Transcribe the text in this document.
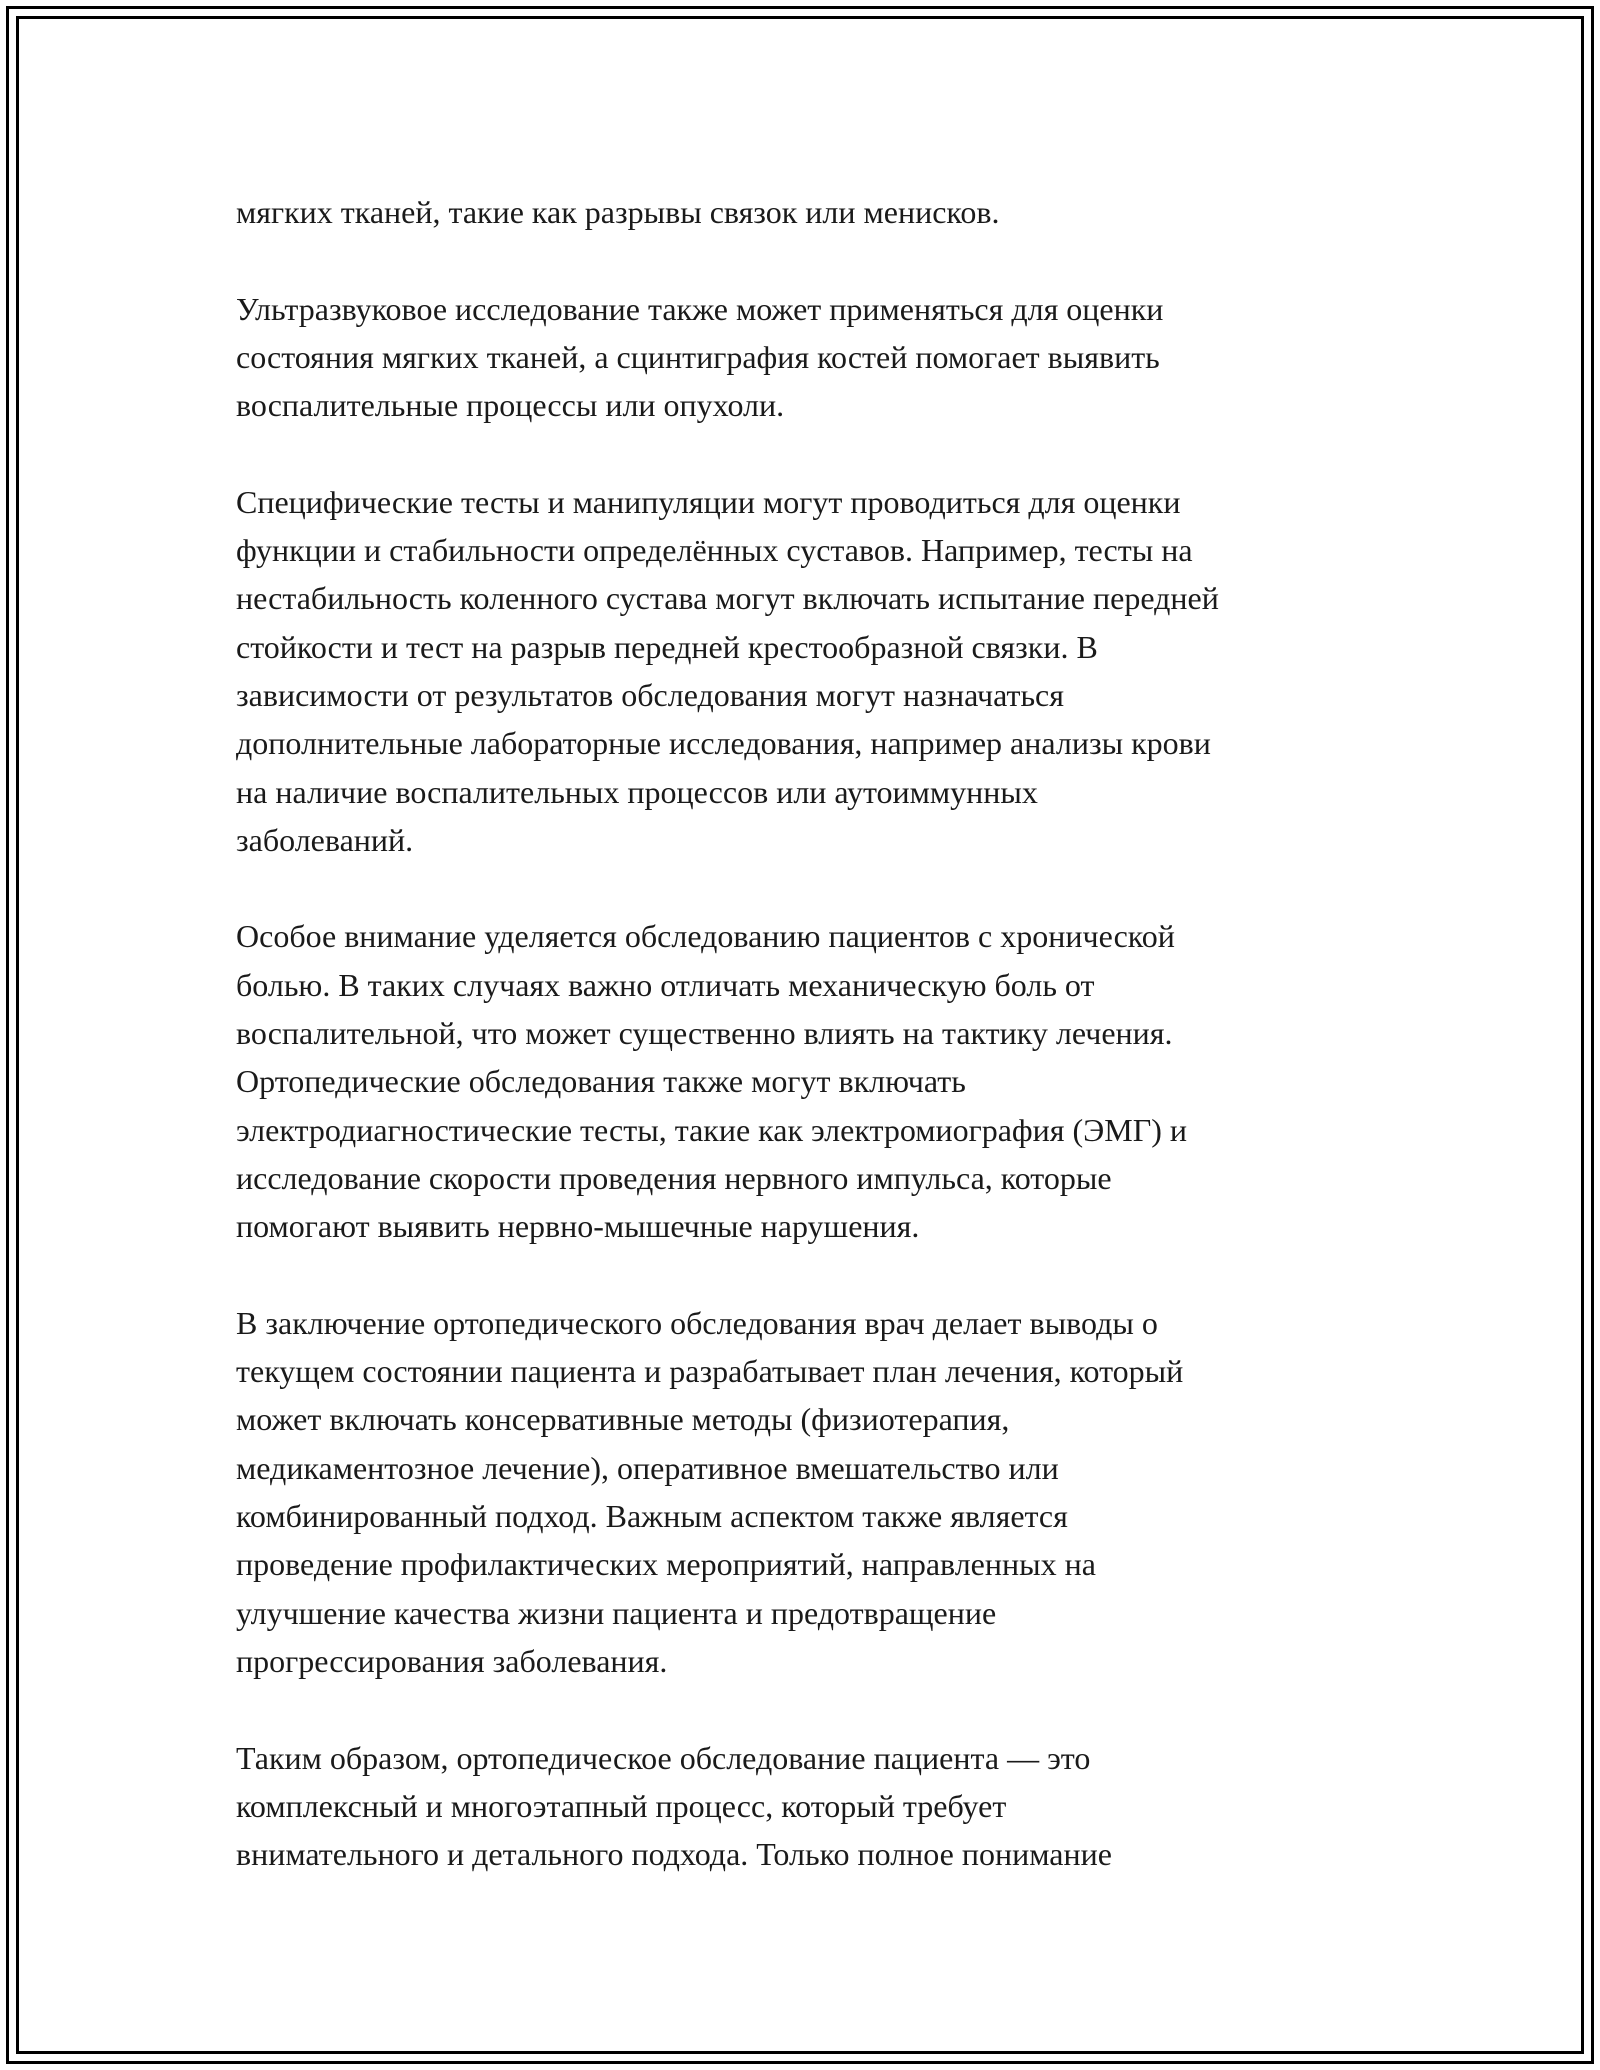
мягких тканей, такие как разрывы связок или менисков.

Ультразвуковое исследование также может применяться для оценки
состояния мягких тканей, а сцинтиграфия костей помогает выявить
воспалительные процессы или опухоли.

Специфические тесты и манипуляции могут проводиться для оценки
функции и стабильности определённых суставов. Например, тесты на
нестабильность коленного сустава могут включать испытание передней
стойкости и тест на разрыв передней крестообразной связки. В
зависимости от результатов обследования могут назначаться
дополнительные лабораторные исследования, например анализы крови
на наличие воспалительных процессов или аутоиммунных
заболеваний.

Особое внимание уделяется обследованию пациентов с хронической
болью. В таких случаях важно отличать механическую боль от
воспалительной, что может существенно влиять на тактику лечения.
Ортопедические обследования также могут включать
электродиагностические тесты, такие как электромиография (ЭМГ) и
исследование скорости проведения нервного импульса, которые
помогают выявить нервно-мышечные нарушения.

В заключение ортопедического обследования врач делает выводы о
текущем состоянии пациента и разрабатывает план лечения, который
может включать консервативные методы (физиотерапия,
медикаментозное лечение), оперативное вмешательство или
комбинированный подход. Важным аспектом также является
проведение профилактических мероприятий, направленных на
улучшение качества жизни пациента и предотвращение
прогрессирования заболевания.

Таким образом, ортопедическое обследование пациента — это
комплексный и многоэтапный процесс, который требует
внимательного и детального подхода. Только полное понимание
